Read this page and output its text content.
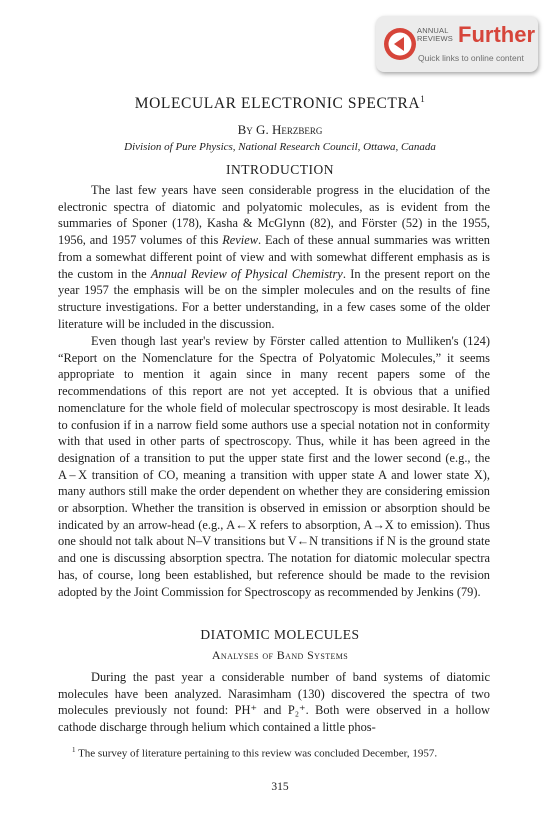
ANNUAL
REVIEWS Further
Quick links to online content
MOLECULAR ELECTRONIC SPECTRA$^1$
By G. Herzberg
Division of Pure Physics, National Research Council, Ottawa, Canada
INTRODUCTION

The last few years have seen considerable progress in the elucidation of the electronic spectra of diatomic and polyatomic molecules, as is evident from the summaries of Sponer (178), Kasha & McGlynn (82), and Förster (52) in the 1955, 1956, and 1957 volumes of this Review. Each of these annual summaries was written from a somewhat different point of view and with somewhat different emphasis as is the custom in the Annual Review of Physical Chemistry. In the present report on the year 1957 the emphasis will be on the simpler molecules and on the results of fine structure investigations. For a better understanding, in a few cases some of the older literature will be included in the discussion.

Even though last year's review by Förster called attention to Mulliken's (124) “Report on the Nomenclature for the Spectra of Polyatomic Molecules,” it seems appropriate to mention it again since in many recent papers some of the recommendations of this report are not yet accepted. It is obvious that a unified nomenclature for the whole field of molecular spectroscopy is most desirable. It leads to confusion if in a narrow field some authors use a special notation not in conformity with that used in other parts of spectroscopy. Thus, while it has been agreed in the designation of a transition to put the upper state first and the lower second (e.g., the A – X transition of CO, meaning a transition with upper state A and lower state X), many authors still make the order dependent on whether they are considering emission or absorption. Whether the transition is observed in emission or absorption should be indicated by an arrow-head (e.g., A←X refers to absorption, A→X to emission). Thus one should not talk about N–V transitions but V←N transitions if N is the ground state and one is discussing absorption spectra. The notation for diatomic molecular spectra has, of course, long been established, but reference should be made to the revision adopted by the Joint Commission for Spectroscopy as recommended by Jenkins (79).

DIATOMIC MOLECULES
Analyses of Band Systems

During the past year a considerable number of band systems of diatomic molecules have been analyzed. Narasimham (130) discovered the spectra of two molecules previously not found: PH⁺ and P₂⁺. Both were observed in a hollow cathode discharge through helium which contained a little phos-

$^1$ The survey of literature pertaining to this review was concluded December, 1957.

315
